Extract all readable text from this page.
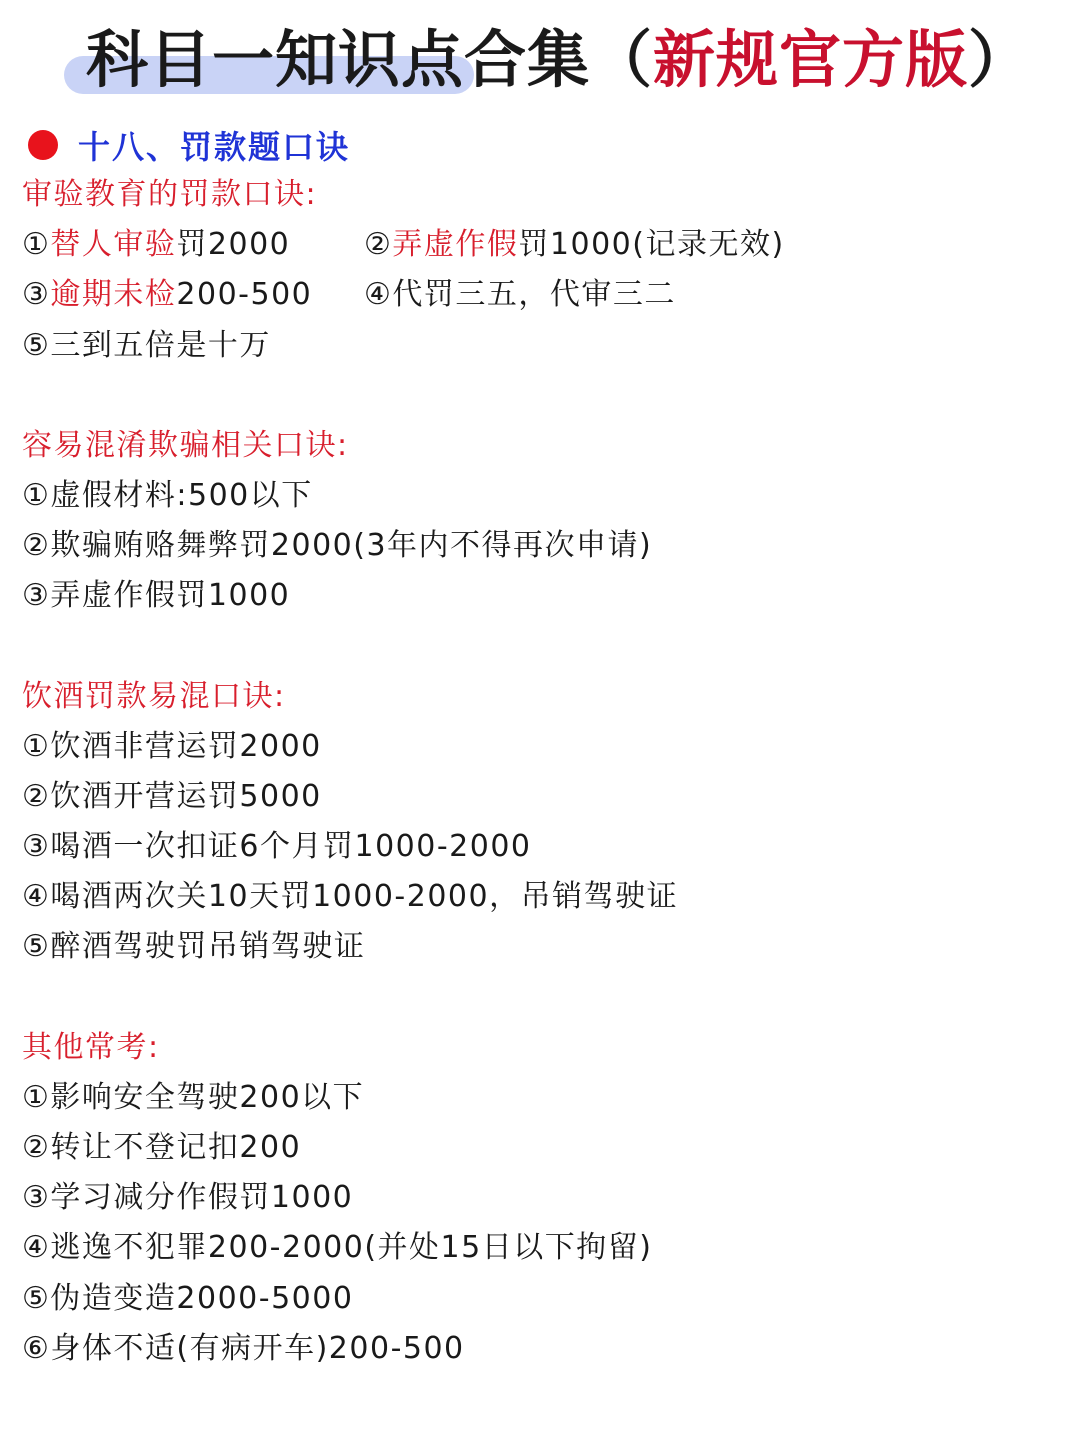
科目一知识点合集（新规官方版）
十八、罚款题口诀
审验教育的罚款口诀:
①替人审验罚2000 ②弄虚作假罚1000(记录无效)
③逾期未检200-500 ④代罚三五，代审三二
⑤三到五倍是十万
容易混淆欺骗相关口诀:
①虚假材料:500以下
②欺骗贿赂舞弊罚2000(3年内不得再次申请)
③弄虚作假罚1000
饮酒罚款易混口诀:
①饮酒非营运罚2000
②饮酒开营运罚5000
③喝酒一次扣证6个月罚1000-2000
④喝酒两次关10天罚1000-2000，吊销驾驶证
⑤醉酒驾驶罚吊销驾驶证
其他常考:
①影响安全驾驶200以下
②转让不登记扣200
③学习减分作假罚1000
④逃逸不犯罪200-2000(并处15日以下拘留)
⑤伪造变造2000-5000
⑥身体不适(有病开车)200-500
